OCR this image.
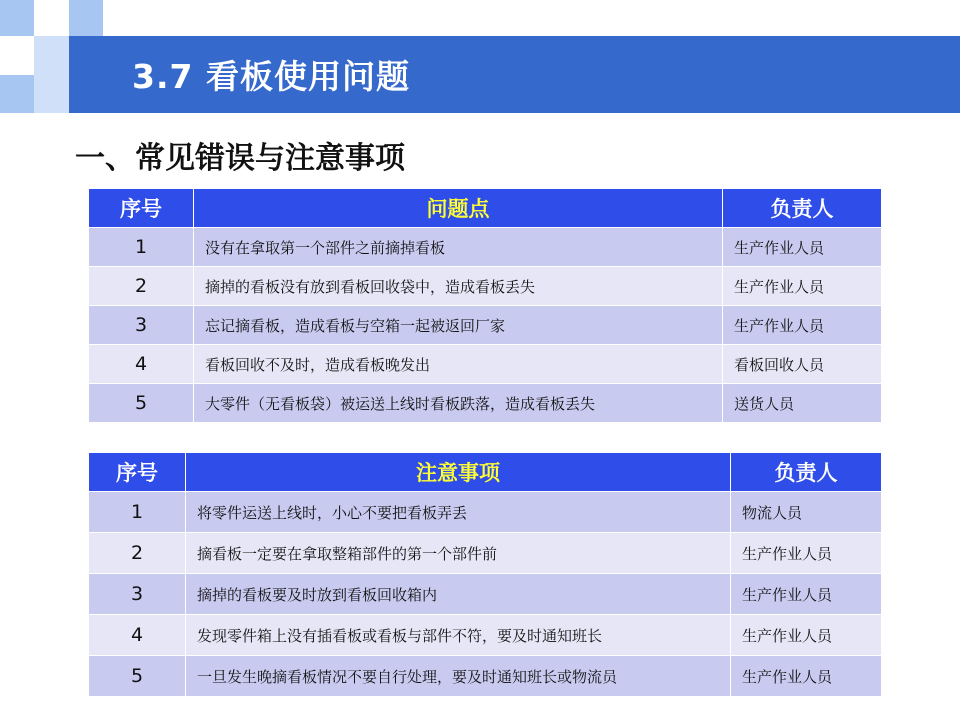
3.7 看板使用问题
一、常见错误与注意事项
序号	问题点	负责人
1	没有在拿取第一个部件之前摘掉看板	生产作业人员
2	摘掉的看板没有放到看板回收袋中，造成看板丢失	生产作业人员
3	忘记摘看板，造成看板与空箱一起被返回厂家	生产作业人员
4	看板回收不及时，造成看板晚发出	看板回收人员
5	大零件（无看板袋）被运送上线时看板跌落，造成看板丢失	送货人员
序号	注意事项	负责人
1	将零件运送上线时，小心不要把看板弄丢	物流人员
2	摘看板一定要在拿取整箱部件的第一个部件前	生产作业人员
3	摘掉的看板要及时放到看板回收箱内	生产作业人员
4	发现零件箱上没有插看板或看板与部件不符，要及时通知班长	生产作业人员
5	一旦发生晚摘看板情况不要自行处理，要及时通知班长或物流员	生产作业人员
